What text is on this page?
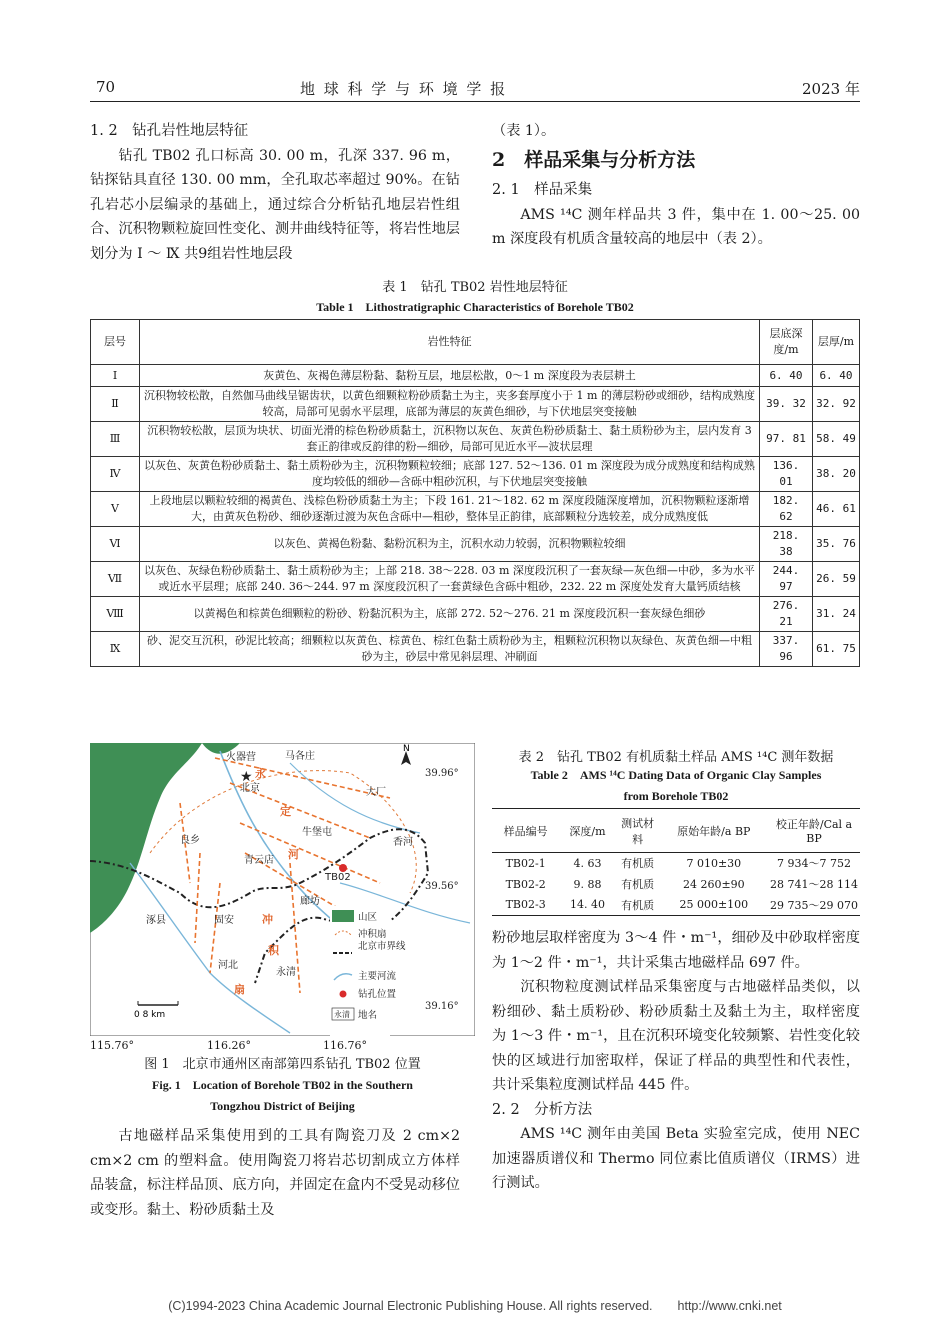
70	地 球 科 学 与 环 境 学 报	2023 年

1. 2　钻孔岩性地层特征

钻孔 TB02 孔口标高 30. 00 m，孔深 337. 96 m，钻探钻具直径 130. 00 mm，全孔取芯率超过 90%。在钻孔岩芯小层编录的基础上，通过综合分析钻孔地层岩性组合、沉积物颗粒旋回性变化、测井曲线特征等，将岩性地层划分为 Ⅰ ～ Ⅸ 共9组岩性地层段

（表 1）。

2　样品采集与分析方法

2. 1　样品采集

AMS ¹⁴C 测年样品共 3 件，集中在 1. 00～25. 00 m 深度段有机质含量较高的地层中（表 2）。

表 1　钻孔 TB02 岩性地层特征
Table 1　Lithostratigraphic Characteristics of Borehole TB02
层号	岩性特征	层底深度/m	层厚/m
Ⅰ	灰黄色、灰褐色薄层粉黏、黏粉互层，地层松散，0～1 m 深度段为表层耕土	6. 40	6. 40
Ⅱ	沉积物较松散，自然伽马曲线呈锯齿状，以黄色细颗粒粉砂质黏土为主，夹多套厚度小于 1 m 的薄层粉砂或细砂，结构成熟度较高，局部可见弱水平层理，底部为薄层的灰黄色细砂，与下伏地层突变接触	39. 32	32. 92
Ⅲ	沉积物较松散，层顶为块状、切面光滑的棕色粉砂质黏土，沉积物以灰色、灰黄色粉砂质黏土、黏土质粉砂为主，层内发育 3 套正韵律或反韵律的粉—细砂，局部可见近水平—波状层理	97. 81	58. 49
Ⅳ	以灰色、灰黄色粉砂质黏土、黏土质粉砂为主，沉积物颗粒较细；底部 127. 52～136. 01 m 深度段为成分成熟度和结构成熟度均较低的细砂—含砾中粗砂沉积，与下伏地层突变接触	136. 01	38. 20
Ⅴ	上段地层以颗粒较细的褐黄色、浅棕色粉砂质黏土为主；下段 161. 21～182. 62 m 深度段随深度增加，沉积物颗粒逐渐增大，由黄灰色粉砂、细砂逐渐过渡为灰色含砾中—粗砂，整体呈正韵律，底部颗粒分选较差，成分成熟度低	182. 62	46. 61
Ⅵ	以灰色、黄褐色粉黏、黏粉沉积为主，沉积水动力较弱，沉积物颗粒较细	218. 38	35. 76
Ⅶ	以灰色、灰绿色粉砂质黏土、黏土质粉砂为主；上部 218. 38～228. 03 m 深度段沉积了一套灰绿—灰色细—中砂，多为水平或近水平层理；底部 240. 36～244. 97 m 深度段沉积了一套黄绿色含砾中粗砂，232. 22 m 深度处发育大量钙质结核	244. 97	26. 59
Ⅷ	以黄褐色和棕黄色细颗粒的粉砂、粉黏沉积为主，底部 272. 52～276. 21 m 深度段沉积一套灰绿色细砂	276. 21	31. 24
Ⅸ	砂、泥交互沉积，砂泥比较高；细颗粒以灰黄色、棕黄色、棕红色黏土质粉砂为主，粗颗粒沉积物以灰绿色、灰黄色细—中粗砂为主，砂层中常见斜层理、冲刷面	337. 96	61. 75
火器营	马各庄
北京
★
大厂
良乡
牛堡屯
香河
青云店
TB02
廊坊
涿县	固安
河北
永清
永
定
河
冲
积
扇
N
39.96°
39.56°
39.16°
0 8 km
山区
冲积扇
北京市界线
主要河流
钻孔位置
永清 地名
115.76°	116.26°	116.76°
图 1　北京市通州区南部第四系钻孔 TB02 位置
Fig. 1　Location of Borehole TB02 in the Southern Tongzhou District of Beijing

古地磁样品采集使用到的工具有陶瓷刀及 2 cm×2 cm×2 cm 的塑料盒。使用陶瓷刀将岩芯切割成立方体样品装盒，标注样品顶、底方向，并固定在盒内不受晃动移位或变形。黏土、粉砂质黏土及

表 2　钻孔 TB02 有机质黏土样品 AMS ¹⁴C 测年数据
Table 2　AMS ¹⁴C Dating Data of Organic Clay Samples from Borehole TB02
样品编号	深度/m	测试材料	原始年龄/a BP	校正年龄/Cal a BP
TB02-1	4. 63	有机质	7 010±30	7 934～7 752
TB02-2	9. 88	有机质	24 260±90	28 741～28 114
TB02-3	14. 40	有机质	25 000±100	29 735～29 070

粉砂地层取样密度为 3～4 件・m⁻¹，细砂及中砂取样密度为 1～2 件・m⁻¹，共计采集古地磁样品 697 件。

沉积物粒度测试样品采集密度与古地磁样品类似，以粉细砂、黏土质粉砂、粉砂质黏土及黏土为主，取样密度为 1～3 件・m⁻¹，且在沉积环境变化较频繁、岩性变化较快的区域进行加密取样，保证了样品的典型性和代表性，共计采集粒度测试样品 445 件。

2. 2　分析方法

AMS ¹⁴C 测年由美国 Beta 实验室完成，使用 NEC 加速器质谱仪和 Thermo 同位素比值质谱仪（IRMS）进行测试。

(C)1994-2023 China Academic Journal Electronic Publishing House. All rights reserved.　　http://www.cnki.net
